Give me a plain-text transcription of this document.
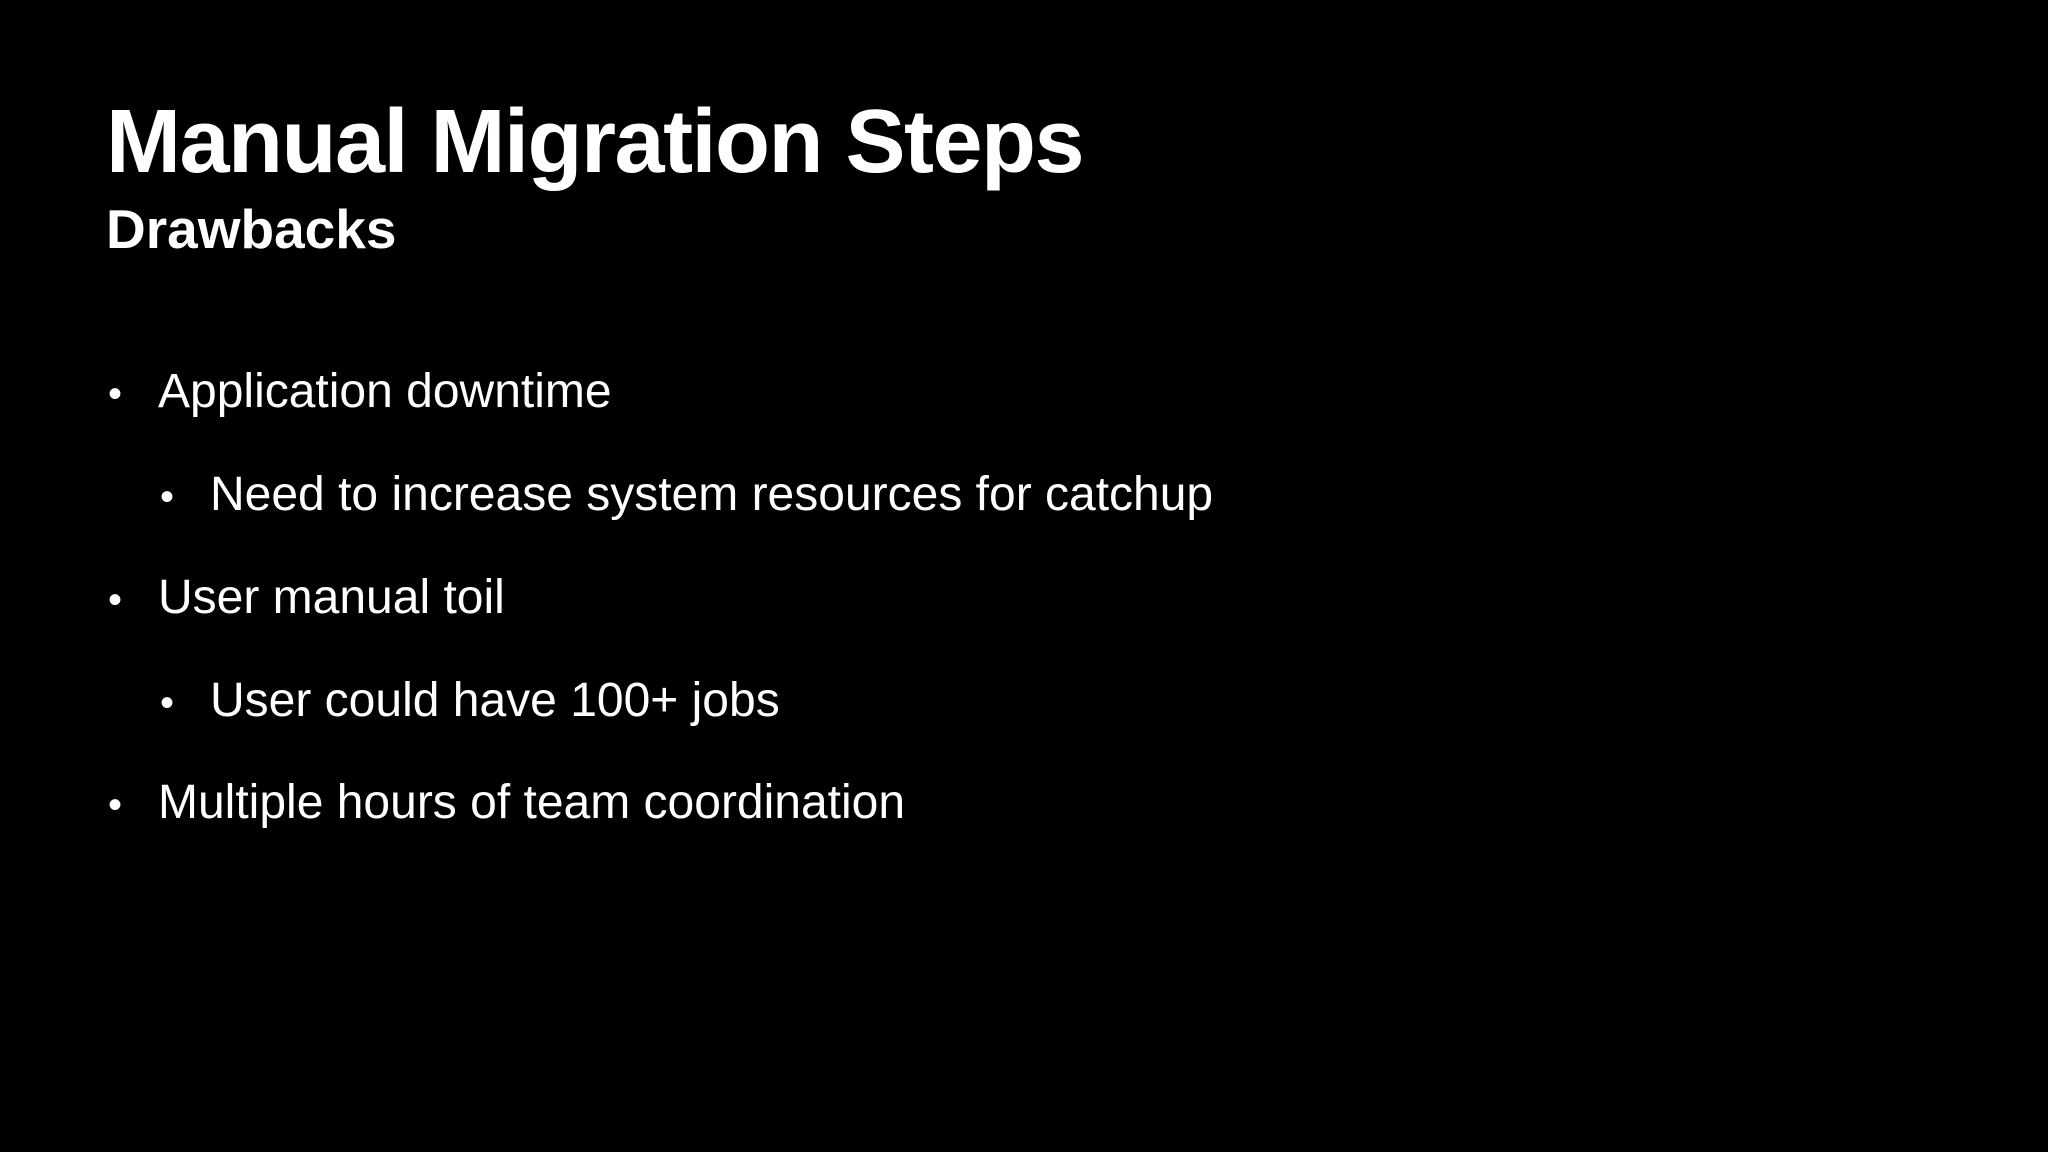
Manual Migration Steps
Drawbacks
• Application downtime
• Need to increase system resources for catchup
• User manual toil
• User could have 100+ jobs
• Multiple hours of team coordination
